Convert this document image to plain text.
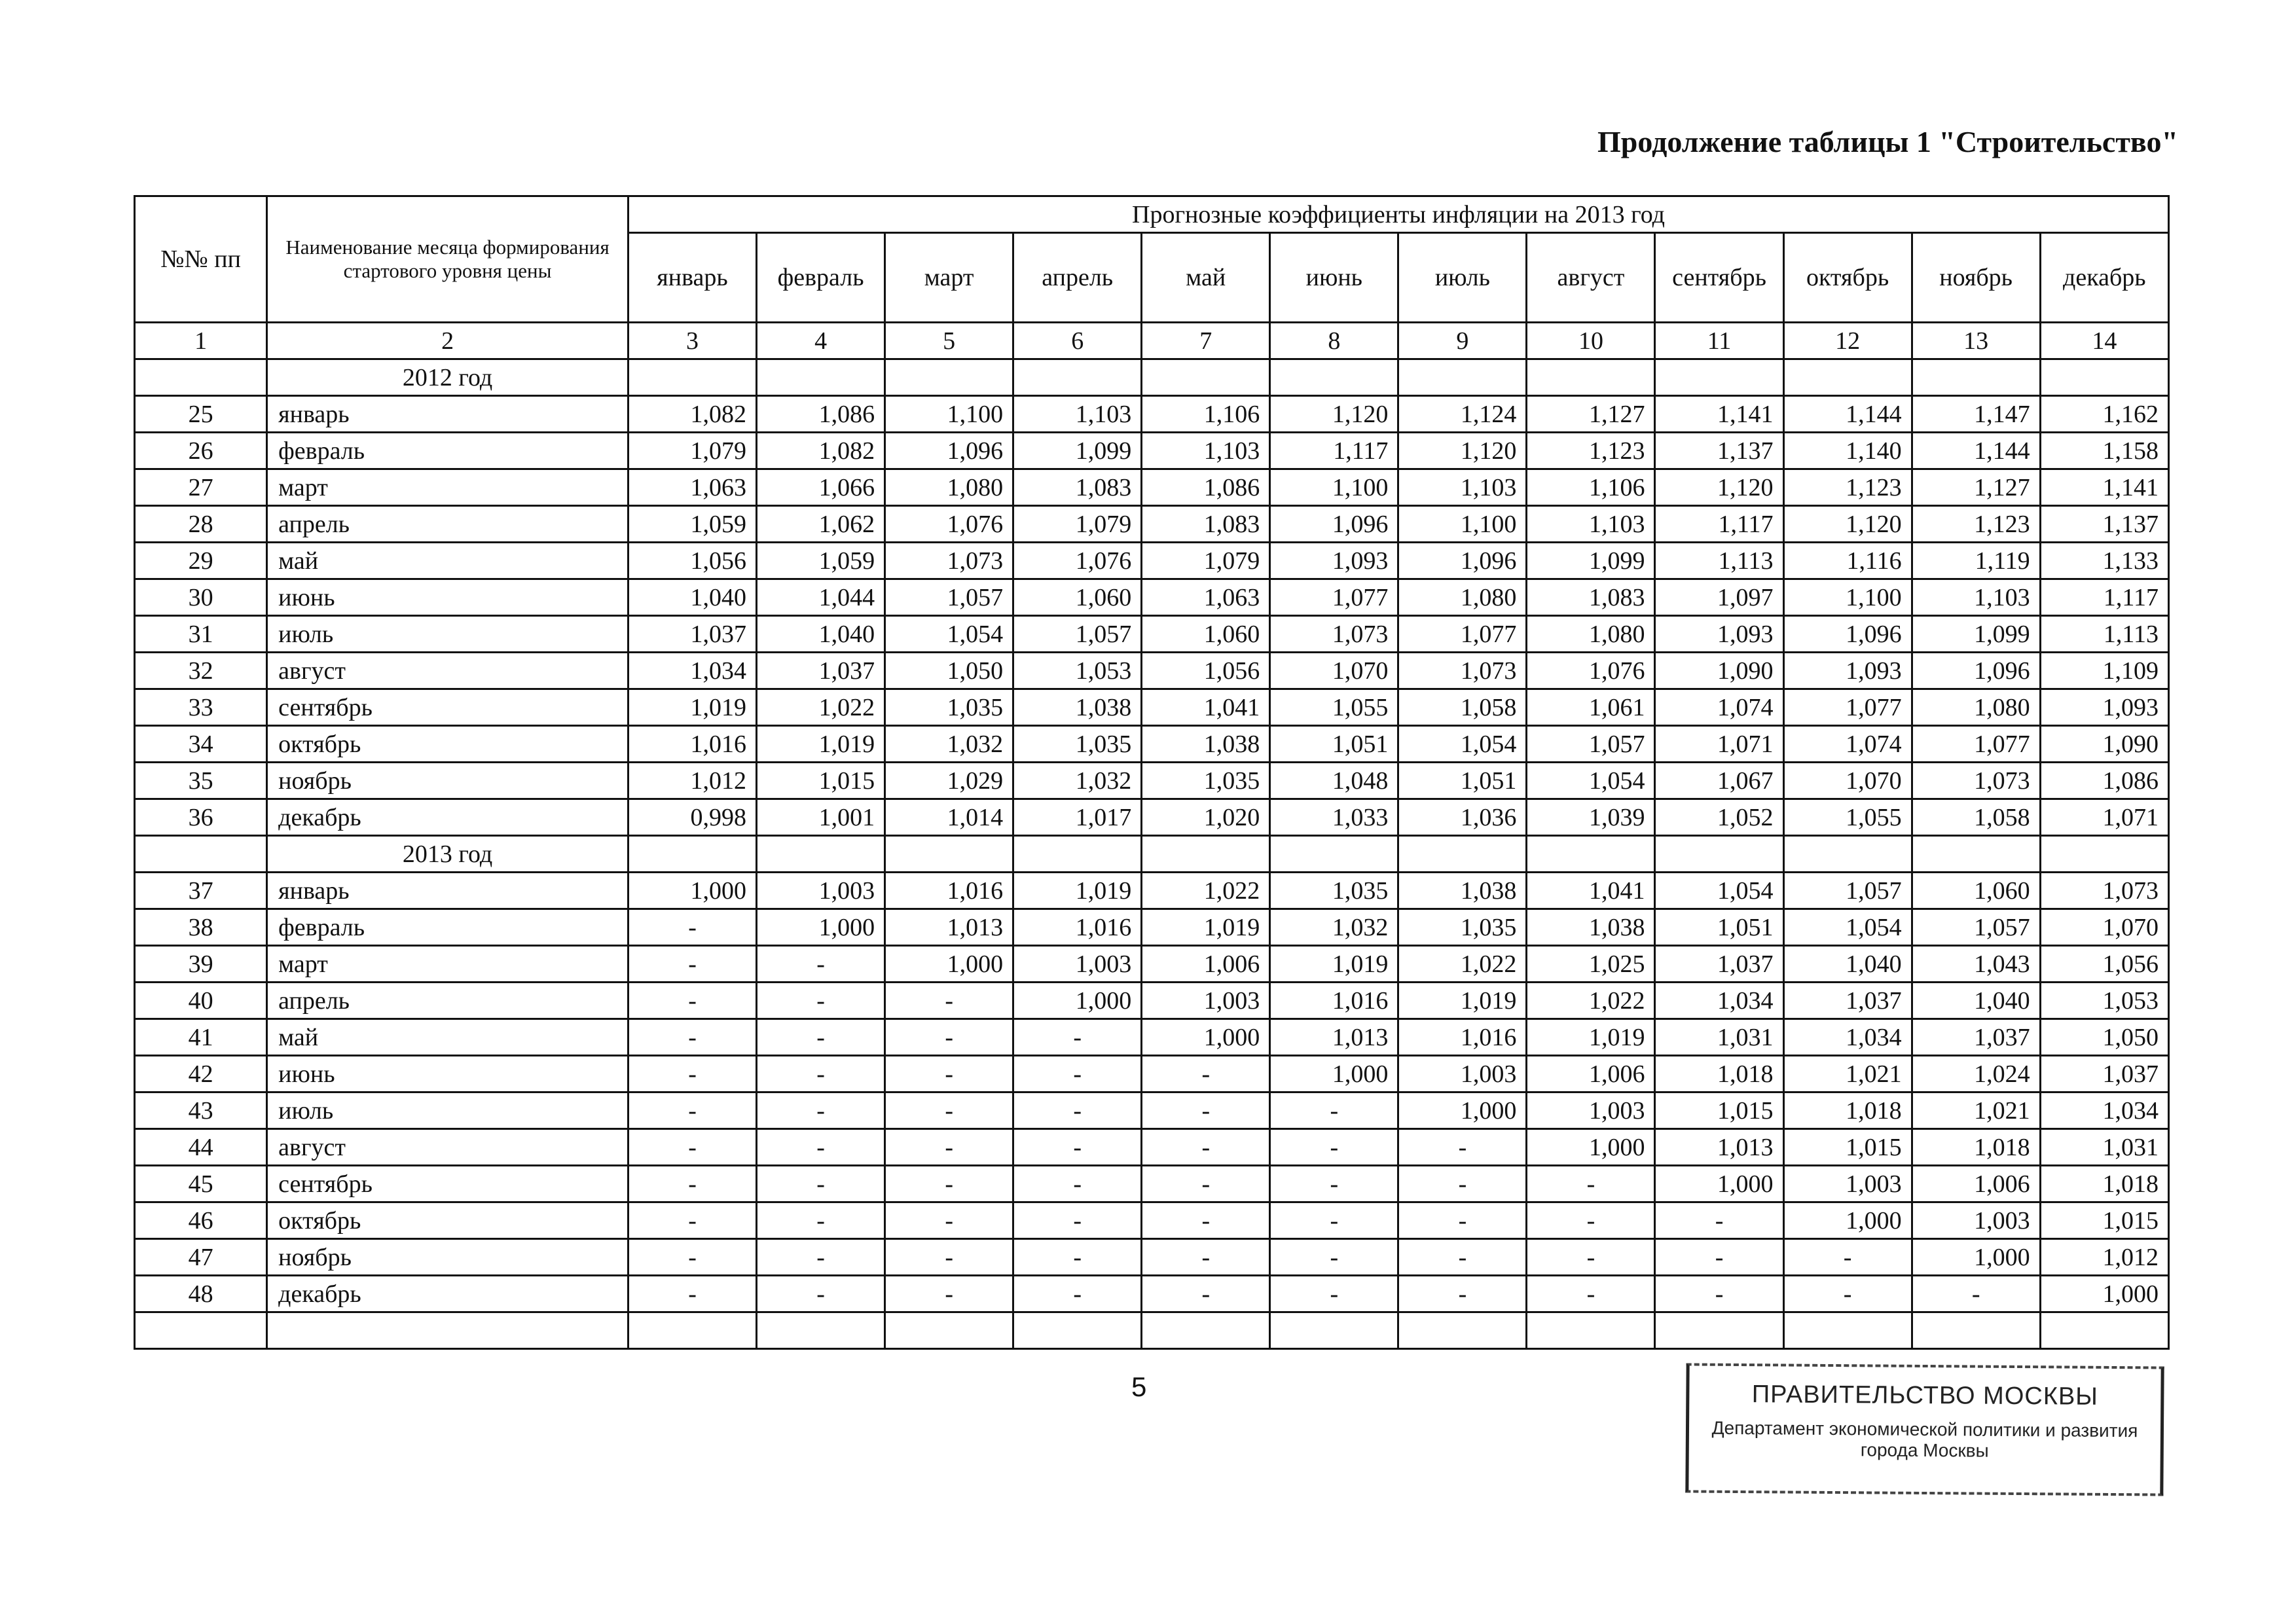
Продолжение таблицы 1 "Строительство"
№№ пп	Наименование месяца формирования стартового уровня цены	Прогнозные коэффициенты инфляции на 2013 год											
		январь	февраль	март	апрель	май	июнь	июль	август	сентябрь	октябрь	ноябрь	декабрь
1	2	3	4	5	6	7	8	9	10	11	12	13	14
	2012 год												
25	январь	1,082	1,086	1,100	1,103	1,106	1,120	1,124	1,127	1,141	1,144	1,147	1,162
26	февраль	1,079	1,082	1,096	1,099	1,103	1,117	1,120	1,123	1,137	1,140	1,144	1,158
27	март	1,063	1,066	1,080	1,083	1,086	1,100	1,103	1,106	1,120	1,123	1,127	1,141
28	апрель	1,059	1,062	1,076	1,079	1,083	1,096	1,100	1,103	1,117	1,120	1,123	1,137
29	май	1,056	1,059	1,073	1,076	1,079	1,093	1,096	1,099	1,113	1,116	1,119	1,133
30	июнь	1,040	1,044	1,057	1,060	1,063	1,077	1,080	1,083	1,097	1,100	1,103	1,117
31	июль	1,037	1,040	1,054	1,057	1,060	1,073	1,077	1,080	1,093	1,096	1,099	1,113
32	август	1,034	1,037	1,050	1,053	1,056	1,070	1,073	1,076	1,090	1,093	1,096	1,109
33	сентябрь	1,019	1,022	1,035	1,038	1,041	1,055	1,058	1,061	1,074	1,077	1,080	1,093
34	октябрь	1,016	1,019	1,032	1,035	1,038	1,051	1,054	1,057	1,071	1,074	1,077	1,090
35	ноябрь	1,012	1,015	1,029	1,032	1,035	1,048	1,051	1,054	1,067	1,070	1,073	1,086
36	декабрь	0,998	1,001	1,014	1,017	1,020	1,033	1,036	1,039	1,052	1,055	1,058	1,071
	2013 год												
37	январь	1,000	1,003	1,016	1,019	1,022	1,035	1,038	1,041	1,054	1,057	1,060	1,073
38	февраль	-	1,000	1,013	1,016	1,019	1,032	1,035	1,038	1,051	1,054	1,057	1,070
39	март	-	-	1,000	1,003	1,006	1,019	1,022	1,025	1,037	1,040	1,043	1,056
40	апрель	-	-	-	1,000	1,003	1,016	1,019	1,022	1,034	1,037	1,040	1,053
41	май	-	-	-	-	1,000	1,013	1,016	1,019	1,031	1,034	1,037	1,050
42	июнь	-	-	-	-	-	1,000	1,003	1,006	1,018	1,021	1,024	1,037
43	июль	-	-	-	-	-	-	1,000	1,003	1,015	1,018	1,021	1,034
44	август	-	-	-	-	-	-	-	1,000	1,013	1,015	1,018	1,031
45	сентябрь	-	-	-	-	-	-	-	-	1,000	1,003	1,006	1,018
46	октябрь	-	-	-	-	-	-	-	-	-	1,000	1,003	1,015
47	ноябрь	-	-	-	-	-	-	-	-	-	-	1,000	1,012
48	декабрь	-	-	-	-	-	-	-	-	-	-	-	1,000

5	ПРАВИТЕЛЬСТВО МОСКВЫ
Департамент экономической политики и развития
города Москвы
